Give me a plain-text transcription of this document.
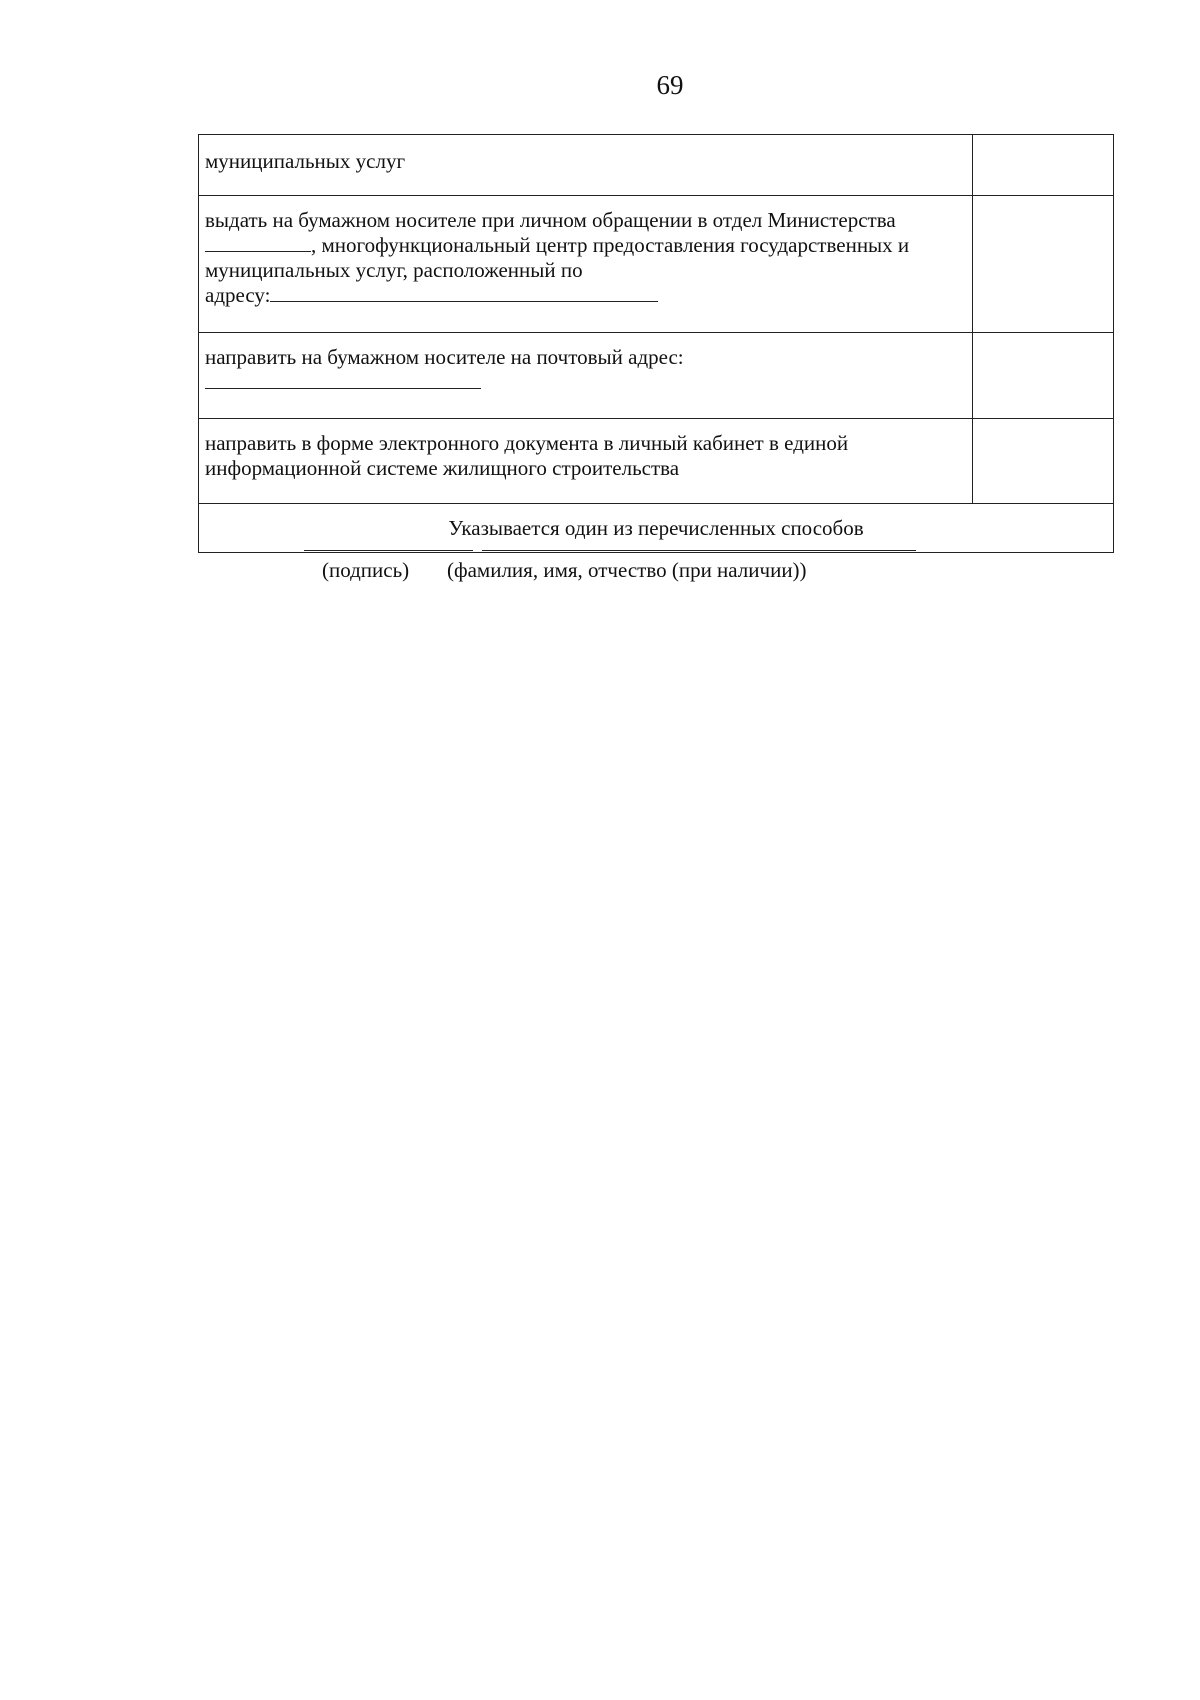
69
муниципальных услуг	
выдать на бумажном носителе при личном обращении в отдел Министерства
, многофункциональный центр предоставления государственных и
муниципальных услуг, расположенный по
адресу:	
направить на бумажном носителе на почтовый адрес:

направить в форме электронного документа в личный кабинет в единой
информационной системе жилищного строительства	
Указывается один из перечисленных способов	
(подпись) (фамилия, имя, отчество (при наличии))
